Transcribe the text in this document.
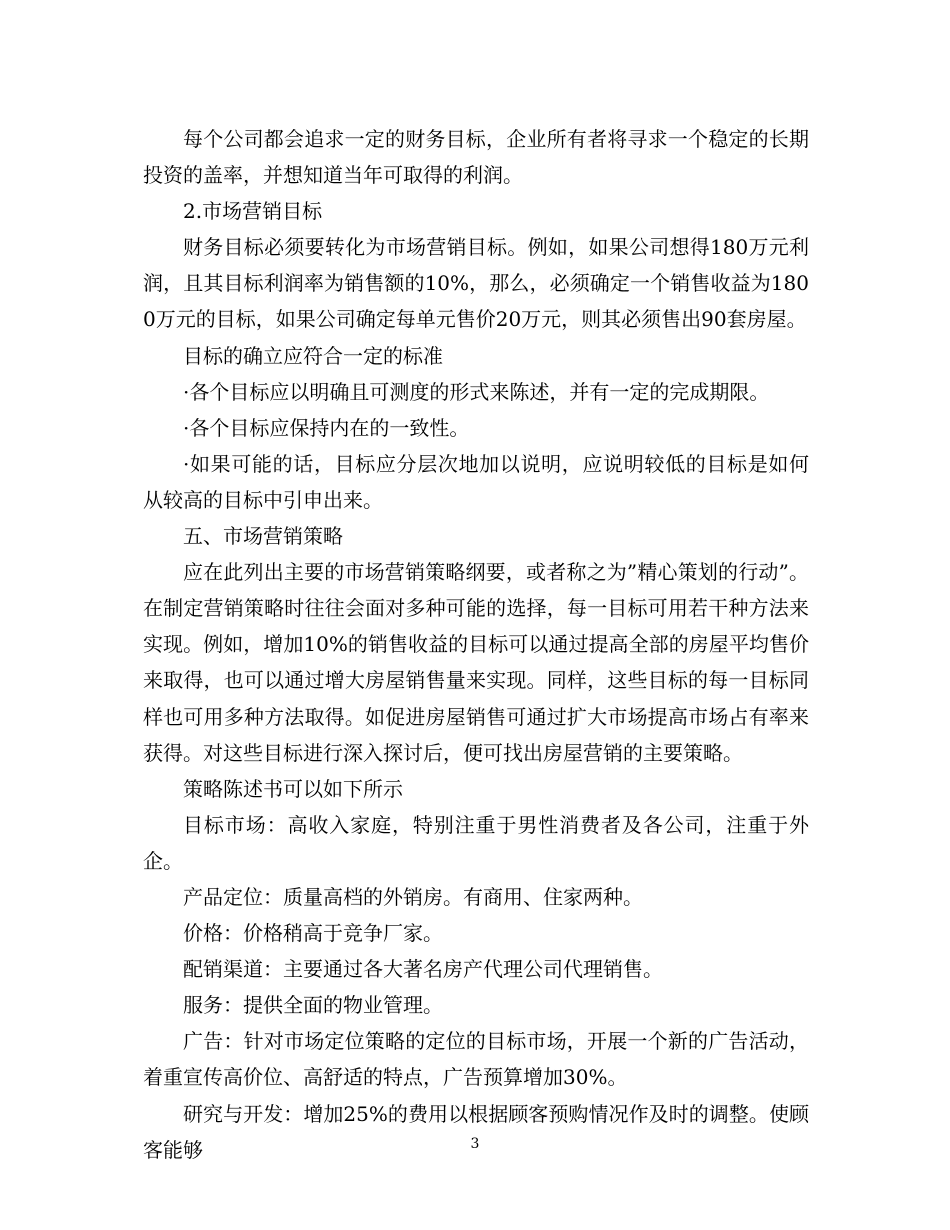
每个公司都会追求一定的财务目标，企业所有者将寻求一个稳定的长期投资的盖率，并想知道当年可取得的利润。

2.市场营销目标

财务目标必须要转化为市场营销目标。例如，如果公司想得180万元利润，且其目标利润率为销售额的10%，那么，必须确定一个销售收益为1800万元的目标，如果公司确定每单元售价20万元，则其必须售出90套房屋。

目标的确立应符合一定的标准

·各个目标应以明确且可测度的形式来陈述，并有一定的完成期限。

·各个目标应保持内在的一致性。

·如果可能的话，目标应分层次地加以说明，应说明较低的目标是如何从较高的目标中引申出来。

五、市场营销策略

应在此列出主要的市场营销策略纲要，或者称之为”精心策划的行动”。在制定营销策略时往往会面对多种可能的选择，每一目标可用若干种方法来实现。例如，增加10%的销售收益的目标可以通过提高全部的房屋平均售价来取得，也可以通过增大房屋销售量来实现。同样，这些目标的每一目标同样也可用多种方法取得。如促进房屋销售可通过扩大市场提高市场占有率来获得。对这些目标进行深入探讨后，便可找出房屋营销的主要策略。

策略陈述书可以如下所示

目标市场：高收入家庭，特别注重于男性消费者及各公司，注重于外企。

产品定位：质量高档的外销房。有商用、住家两种。

价格：价格稍高于竞争厂家。

配销渠道：主要通过各大著名房产代理公司代理销售。

服务：提供全面的物业管理。

广告：针对市场定位策略的定位的目标市场，开展一个新的广告活动，着重宣传高价位、高舒适的特点，广告预算增加30%。

研究与开发：增加25%的费用以根据顾客预购情况作及时的调整。使顾客能够	3
